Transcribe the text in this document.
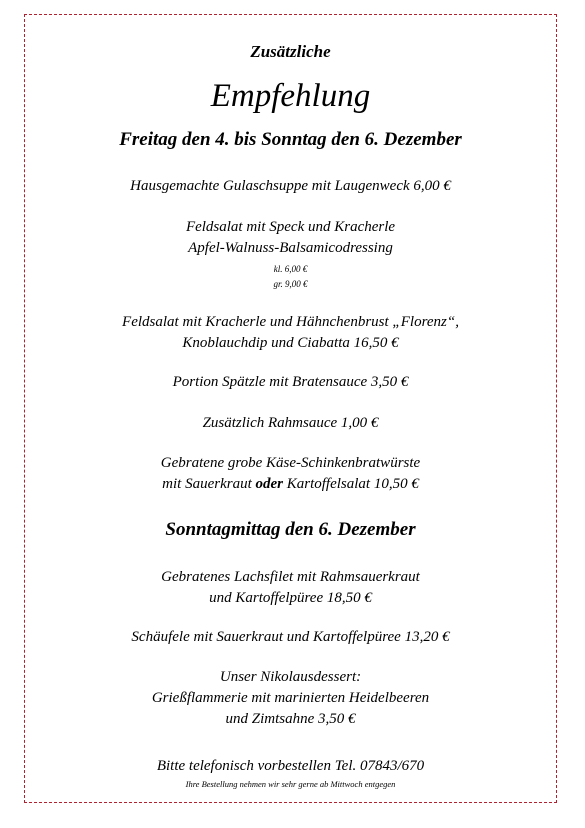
Zusätzliche

Empfehlung

Freitag den 4. bis Sonntag den 6. Dezember

Hausgemachte Gulaschsuppe mit Laugenweck 6,00 €

Feldsalat mit Speck und Kracherle

Apfel-Walnuss-Balsamicodressing

kl. 6,00 €

gr. 9,00 €

Feldsalat mit Kracherle und Hähnchenbrust „Florenz“,

Knoblauchdip und Ciabatta 16,50 €

Portion Spätzle mit Bratensauce 3,50 €

Zusätzlich Rahmsauce 1,00 €

Gebratene grobe Käse-Schinkenbratwürste

mit Sauerkraut oder Kartoffelsalat 10,50 €

Sonntagmittag den 6. Dezember

Gebratenes Lachsfilet mit Rahmsauerkraut

und Kartoffelpüree 18,50 €

Schäufele mit Sauerkraut und Kartoffelpüree 13,20 €

Unser Nikolausdessert:

Grießflammerie mit marinierten Heidelbeeren

und Zimtsahne 3,50 €

Bitte telefonisch vorbestellen Tel. 07843/670

Ihre Bestellung nehmen wir sehr gerne ab Mittwoch entgegen
